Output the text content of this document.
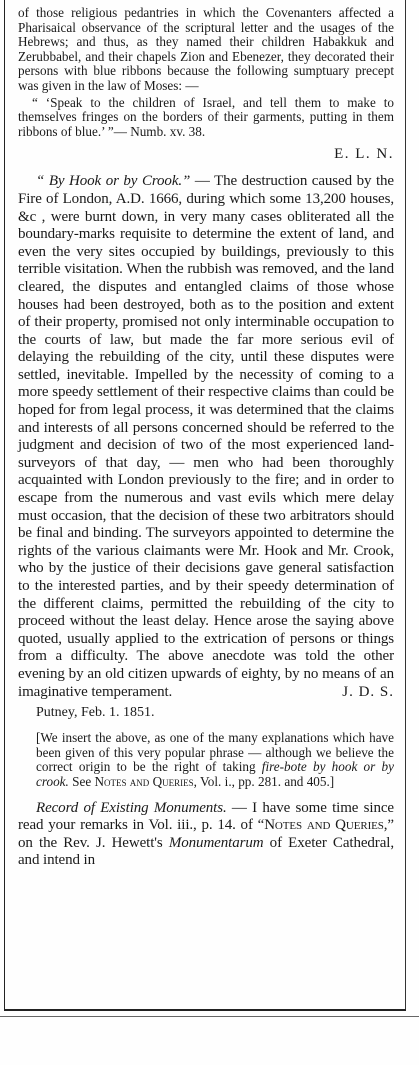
of those religious pedantries in which the Covenanters affected a Pharisaical observance of the scriptural letter and the usages of the Hebrews; and thus, as they named their children Habakkuk and Zerubbabel, and their chapels Zion and Ebenezer, they decorated their persons with blue ribbons because the following sumptuary precept was given in the law of Moses: —

“ ‘Speak to the children of Israel, and tell them to make to themselves fringes on the borders of their garments, putting in them ribbons of blue.’ ”— Numb. xv. 38.

E. L. N.

“ By Hook or by Crook.” — The destruction caused by the Fire of London, A.D. 1666, during which some 13,200 houses, &c , were burnt down, in very many cases obliterated all the boundary-marks requisite to determine the extent of land, and even the very sites occupied by buildings, previously to this terrible visitation. When the rubbish was removed, and the land cleared, the disputes and entangled claims of those whose houses had been destroyed, both as to the position and extent of their property, promised not only interminable occupation to the courts of law, but made the far more serious evil of delaying the rebuilding of the city, until these disputes were settled, inevitable. Impelled by the necessity of coming to a more speedy settlement of their respective claims than could be hoped for from legal process, it was determined that the claims and interests of all persons concerned should be referred to the judgment and decision of two of the most experienced land-surveyors of that day, — men who had been thoroughly acquainted with London previously to the fire; and in order to escape from the numerous and vast evils which mere delay must occasion, that the decision of these two arbitrators should be final and binding. The surveyors appointed to determine the rights of the various claimants were Mr. Hook and Mr. Crook, who by the justice of their decisions gave general satisfaction to the interested parties, and by their speedy determination of the different claims, permitted the rebuilding of the city to proceed without the least delay. Hence arose the saying above quoted, usually applied to the extrication of persons or things from a difficulty. The above anecdote was told the other evening by an old citizen upwards of eighty, by no means of an imaginative temperament.	J. D. S.

Putney, Feb. 1. 1851.

[We insert the above, as one of the many explanations which have been given of this very popular phrase — although we believe the correct origin to be the right of taking fire-bote by hook or by crook. See Notes and Queries, Vol. i., pp. 281. and 405.]

Record of Existing Monuments. — I have some time since read your remarks in Vol. iii., p. 14. of “Notes and Queries,” on the Rev. J. Hewett's Monumentarum of Exeter Cathedral, and intend in
